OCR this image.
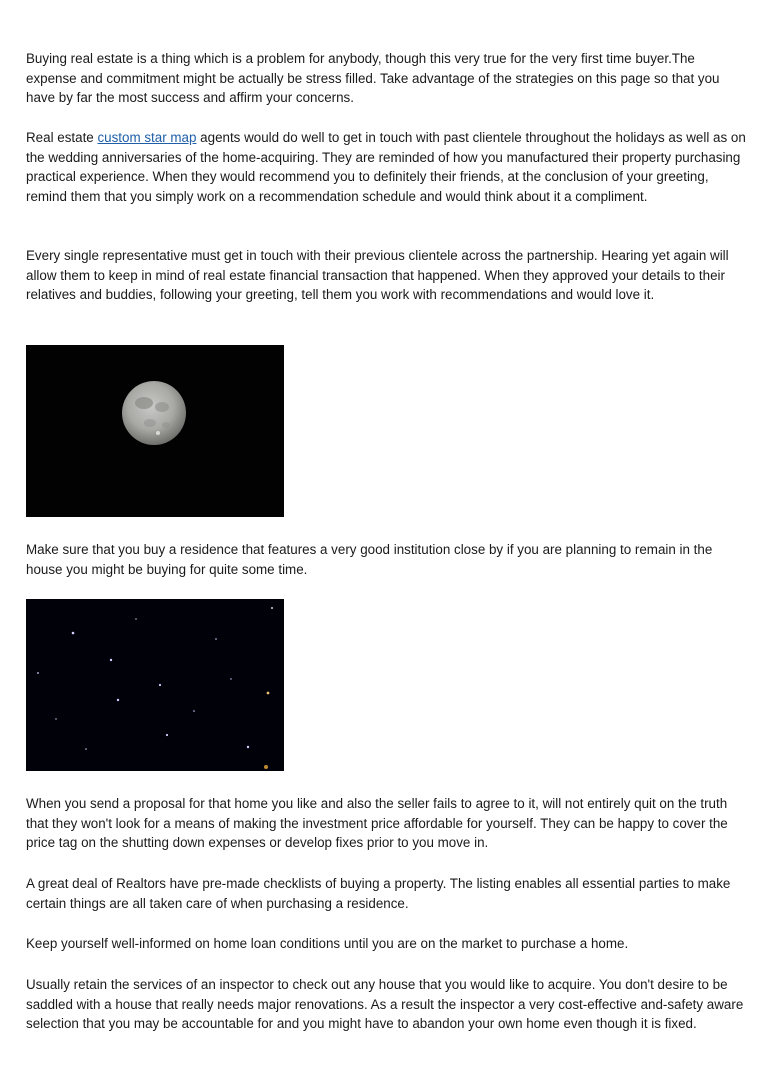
Buying real estate is a thing which is a problem for anybody, though this very true for the very first time buyer.The expense and commitment might be actually be stress filled. Take advantage of the strategies on this page so that you have by far the most success and affirm your concerns.

Real estate custom star map agents would do well to get in touch with past clientele throughout the holidays as well as on the wedding anniversaries of the home-acquiring. They are reminded of how you manufactured their property purchasing practical experience. When they would recommend you to definitely their friends, at the conclusion of your greeting, remind them that you simply work on a recommendation schedule and would think about it a compliment.

Every single representative must get in touch with their previous clientele across the partnership. Hearing yet again will allow them to keep in mind of real estate financial transaction that happened. When they approved your details to their relatives and buddies, following your greeting, tell them you work with recommendations and would love it.

Make sure that you buy a residence that features a very good institution close by if you are planning to remain in the house you might be buying for quite some time.

When you send a proposal for that home you like and also the seller fails to agree to it, will not entirely quit on the truth that they won't look for a means of making the investment price affordable for yourself. They can be happy to cover the price tag on the shutting down expenses or develop fixes prior to you move in.

A great deal of Realtors have pre-made checklists of buying a property. The listing enables all essential parties to make certain things are all taken care of when purchasing a residence.

Keep yourself well-informed on home loan conditions until you are on the market to purchase a home.

Usually retain the services of an inspector to check out any house that you would like to acquire. You don't desire to be saddled with a house that really needs major renovations. As a result the inspector a very cost-effective and-safety aware selection that you may be accountable for and you might have to abandon your own home even though it is fixed.
